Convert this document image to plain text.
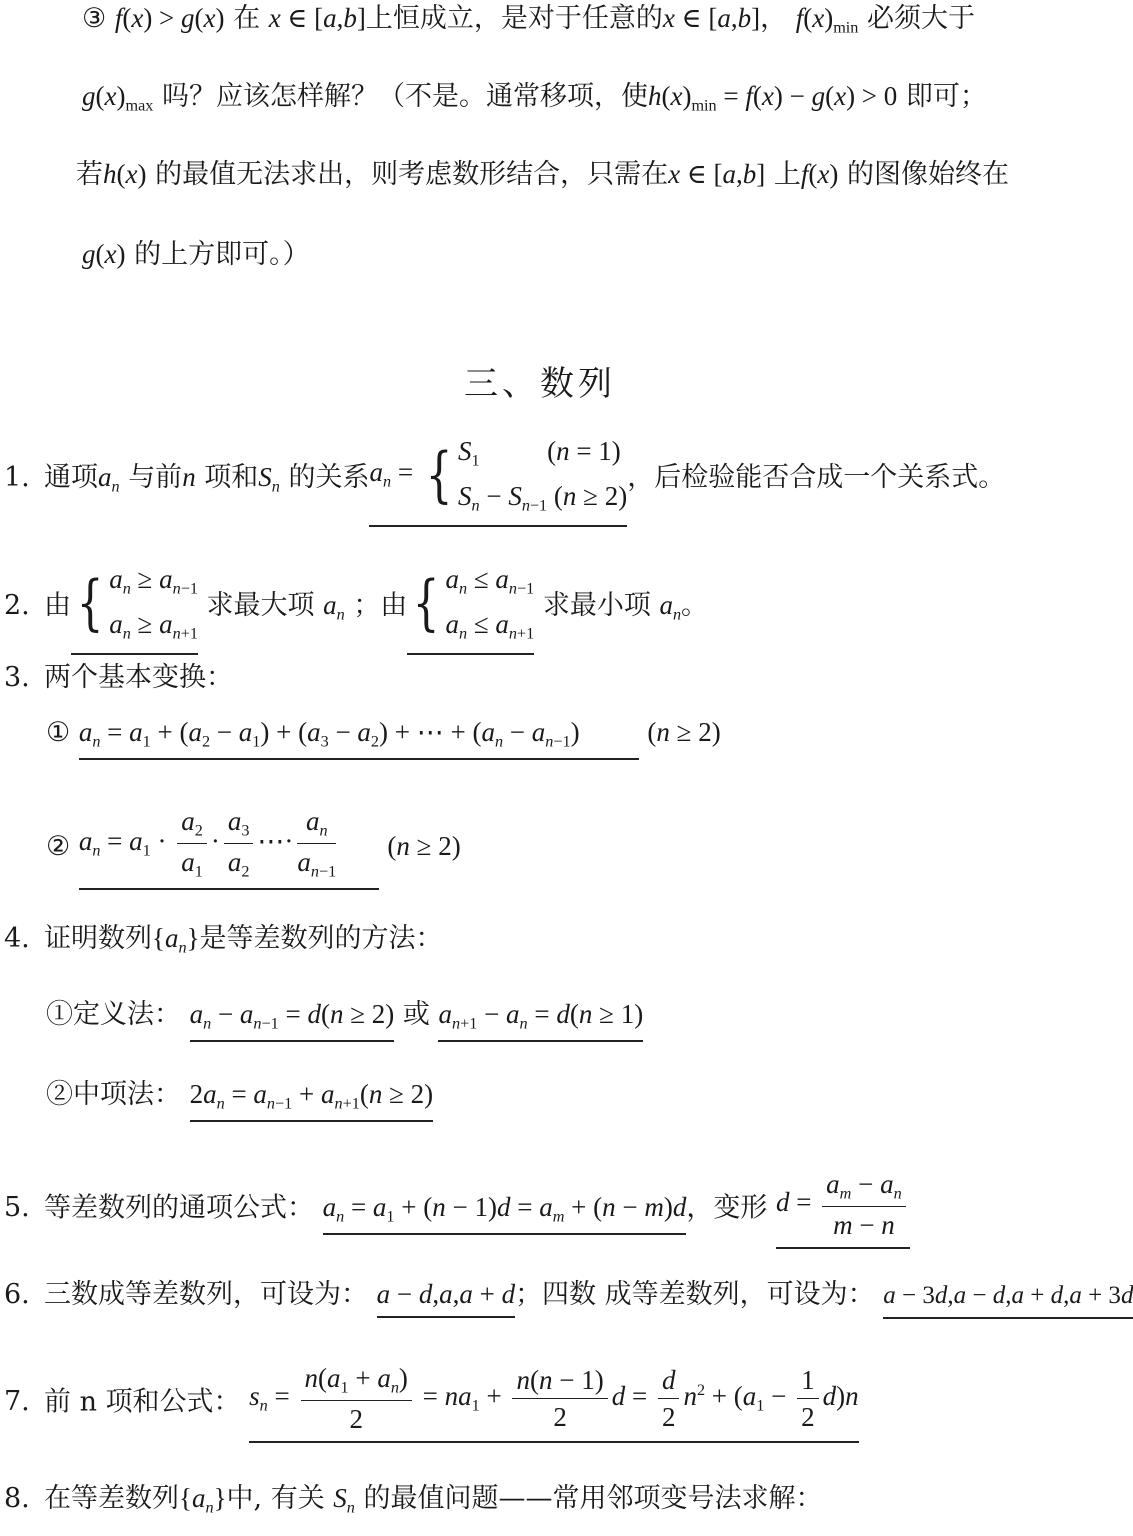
③ f(x) > g(x) 在 x ∈ [a,b]上恒成立，是对于任意的x ∈ [a,b]， $f(x)_{min}$ 必须大于
$g(x)_{max}$ 吗？应该怎样解？（不是。通常移项，使$h(x)_{min} = f(x) - g(x) > 0$ 即可；
若h(x) 的最值无法求出，则考虑数形结合，只需在x ∈ [a,b] 上f(x) 的图像始终在
g(x) 的上方即可。）
三、数列
1. 通项$a_n$ 与前n 项和$S_n$ 的关系$a_n$ = { $S_1$          (n = 1)
$S_n - S_{n-1}$ (n ≥ 2)
，后检验能否合成一个关系式。
2. 由{ $a_n \ge a_{n-1}$
$a_n \ge a_{n+1}$
求最大项 $a_n$ ；由{ $a_n \le a_{n-1}$
$a_n \le a_{n+1}$
求最小项 $a_n$。
3. 两个基本变换：
① $a_n = a_1 + (a_2 - a_1) + (a_3 - a_2)$ + ⋯ + $(a_n - a_{n-1})$	(n ≥ 2)
② $a_n = a_1 \cdot \frac{a_2}{a_1} \cdot \frac{a_3}{a_2}$ ⋯· $\frac{a_n}{a_{n-1}} (n \ge 2)$
4. 证明数列$\{a_n\}$是等差数列的方法：
①定义法： $a_n - a_{n-1} = d(n \ge 2)$ 或 $a_{n+1} - a_n = d(n \ge 1)$
②中项法： $2a_n = a_{n-1} + a_{n+1}(n \ge 2)$
5. 等差数列的通项公式： $a_n = a_1 + (n - 1)d = a_m + (n - m)d$，变形 $d = \frac{a_m - a_n}{m - n}$
6. 三数成等差数列，可设为： a − d,a,a + d；四数 成等差数列，可设为： a − 3d,a − d,a + d,a + 3d
7. 前 n 项和公式： $s_n = \frac{n(a_1 + a_n)}{2} = na_1 + \frac{n(n - 1)}{2}$ $d = \frac{d}{2} n^2 + (a_1 - \frac{1}{2} d)n$
8. 在等差数列$\{a_n\}$中, 有关 $S_n$ 的最值问题——常用邻项变号法求解：
